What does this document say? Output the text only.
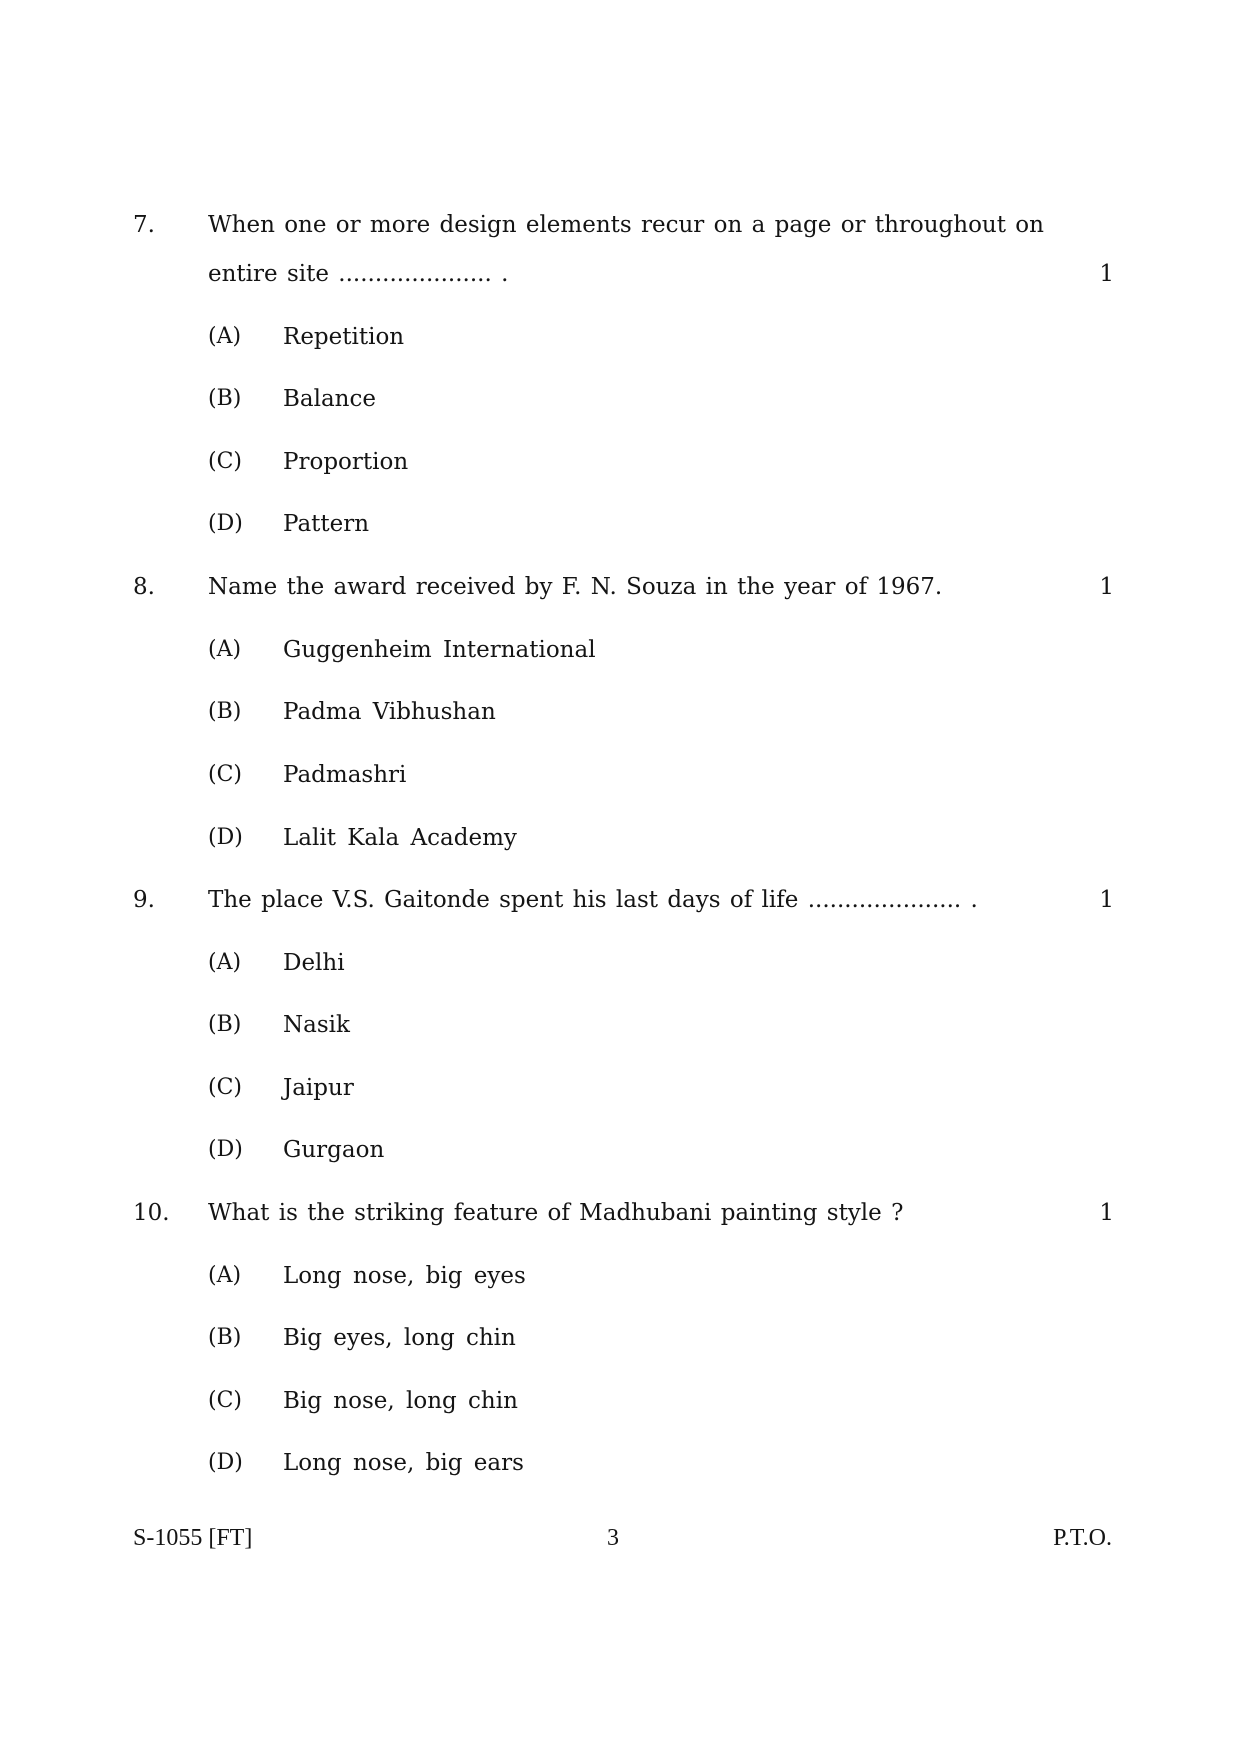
7. When one or more design elements recur on a page or throughout on
entire site ..................... .	1
(A) Repetition
(B) Balance
(C) Proportion
(D) Pattern
8. Name the award received by F. N. Souza in the year of 1967.	1
(A) Guggenheim International
(B) Padma Vibhushan
(C) Padmashri
(D) Lalit Kala Academy
9. The place V.S. Gaitonde spent his last days of life ..................... .	1
(A) Delhi
(B) Nasik
(C) Jaipur
(D) Gurgaon
10. What is the striking feature of Madhubani painting style ?	1
(A) Long nose, big eyes
(B) Big eyes, long chin
(C) Big nose, long chin
(D) Long nose, big ears
S-1055 [FT]	3	P.T.O.
